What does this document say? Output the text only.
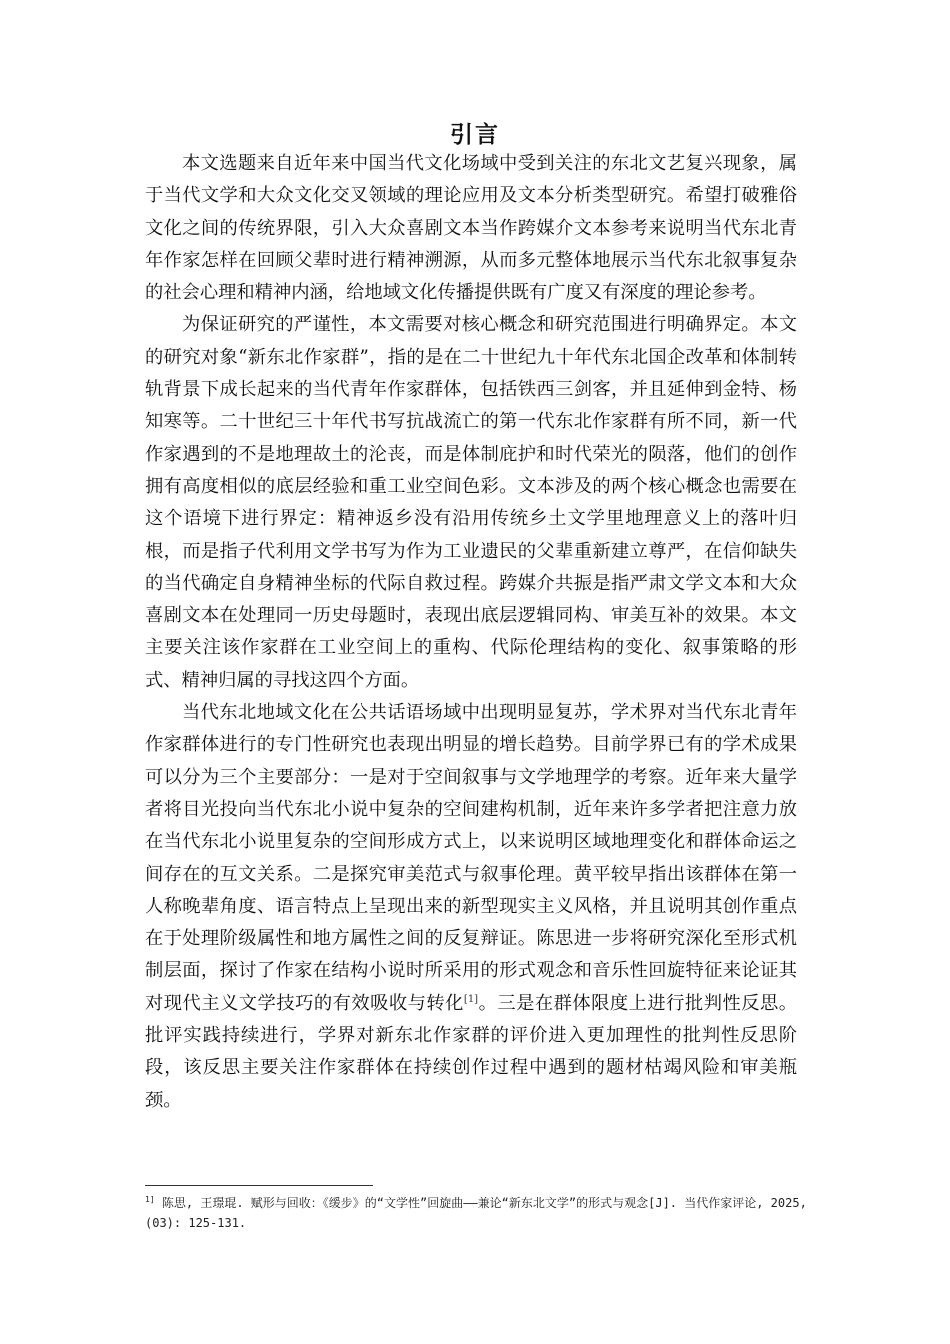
引言

本文选题来自近年来中国当代文化场域中受到关注的东北文艺复兴现象，属于当代文学和大众文化交叉领域的理论应用及文本分析类型研究。希望打破雅俗文化之间的传统界限，引入大众喜剧文本当作跨媒介文本参考来说明当代东北青年作家怎样在回顾父辈时进行精神溯源，从而多元整体地展示当代东北叙事复杂的社会心理和精神内涵，给地域文化传播提供既有广度又有深度的理论参考。

为保证研究的严谨性，本文需要对核心概念和研究范围进行明确界定。本文的研究对象“新东北作家群”，指的是在二十世纪九十年代东北国企改革和体制转轨背景下成长起来的当代青年作家群体，包括铁西三剑客，并且延伸到金特、杨知寒等。二十世纪三十年代书写抗战流亡的第一代东北作家群有所不同，新一代作家遇到的不是地理故土的沦丧，而是体制庇护和时代荣光的陨落，他们的创作拥有高度相似的底层经验和重工业空间色彩。文本涉及的两个核心概念也需要在这个语境下进行界定：精神返乡没有沿用传统乡土文学里地理意义上的落叶归根，而是指子代利用文学书写为作为工业遗民的父辈重新建立尊严，在信仰缺失的当代确定自身精神坐标的代际自救过程。跨媒介共振是指严肃文学文本和大众喜剧文本在处理同一历史母题时，表现出底层逻辑同构、审美互补的效果。本文主要关注该作家群在工业空间上的重构、代际伦理结构的变化、叙事策略的形式、精神归属的寻找这四个方面。

当代东北地域文化在公共话语场域中出现明显复苏，学术界对当代东北青年作家群体进行的专门性研究也表现出明显的增长趋势。目前学界已有的学术成果可以分为三个主要部分：一是对于空间叙事与文学地理学的考察。近年来大量学者将目光投向当代东北小说中复杂的空间建构机制，近年来许多学者把注意力放在当代东北小说里复杂的空间形成方式上，以来说明区域地理变化和群体命运之间存在的互文关系。二是探究审美范式与叙事伦理。黄平较早指出该群体在第一人称晚辈角度、语言特点上呈现出来的新型现实主义风格，并且说明其创作重点在于处理阶级属性和地方属性之间的反复辩证。陈思进一步将研究深化至形式机制层面，探讨了作家在结构小说时所采用的形式观念和音乐性回旋特征来论证其对现代主义文学技巧的有效吸收与转化[1]。三是在群体限度上进行批判性反思。批评实践持续进行，学界对新东北作家群的评价进入更加理性的批判性反思阶段，该反思主要关注作家群体在持续创作过程中遇到的题材枯竭风险和审美瓶颈。

$^{1]}$ 陈思, 王璟琨. 赋形与回收：《缓步》的“文学性”回旋曲——兼论“新东北文学”的形式与观念[J]. 当代作家评论, 2025, (03): 125-131.
